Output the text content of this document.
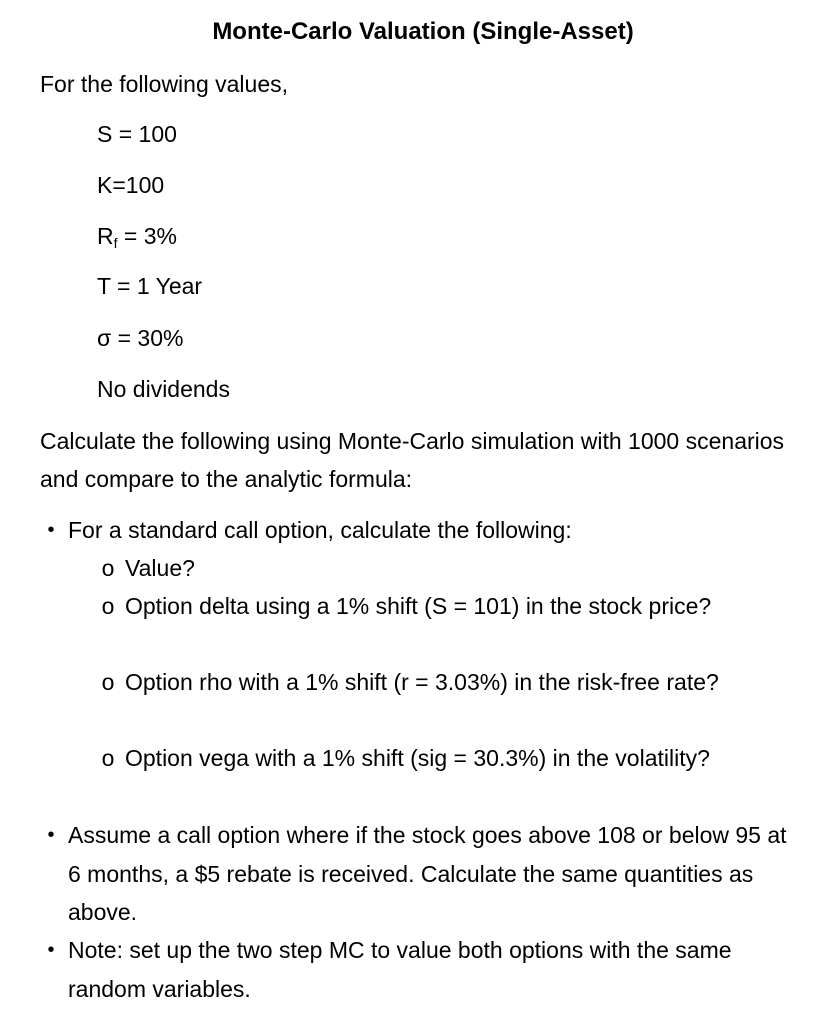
Monte-Carlo Valuation (Single-Asset)
For the following values,
S = 100
K=100
$R_f = 3\%$
T = 1 Year
σ = 30%
No dividends
Calculate the following using Monte-Carlo simulation with 1000 scenarios and compare to the analytic formula:
• For a standard call option, calculate the following:
o Value?
o Option delta using a 1% shift (S = 101) in the stock price?
o Option rho with a 1% shift (r = 3.03%) in the risk-free rate?
o Option vega with a 1% shift (sig = 30.3%) in the volatility?
• Assume a call option where if the stock goes above 108 or below 95 at 6 months, a $5 rebate is received. Calculate the same quantities as above.
• Note: set up the two step MC to value both options with the same random variables.
